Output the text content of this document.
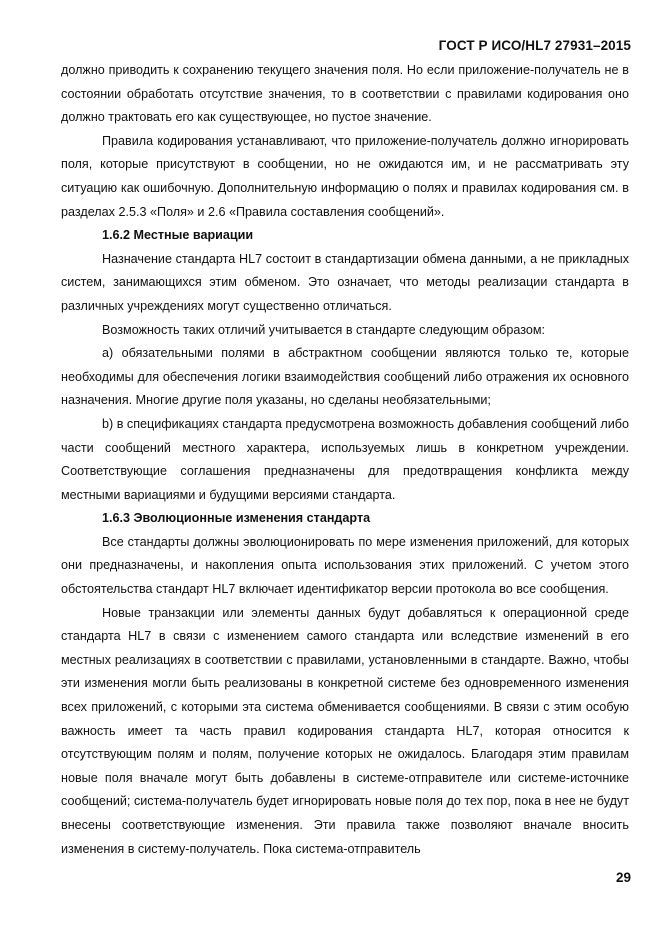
ГОСТ Р ИСО/HL7 27931–2015

должно приводить к сохранению текущего значения поля. Но если приложение-получатель не в состоянии обработать отсутствие значения, то в соответствии с правилами кодирования оно должно трактовать его как существующее, но пустое значение.

Правила кодирования устанавливают, что приложение-получатель должно игнорировать поля, которые присутствуют в сообщении, но не ожидаются им, и не рассматривать эту ситуацию как ошибочную. Дополнительную информацию о полях и правилах кодирования см. в разделах 2.5.3 «Поля» и 2.6 «Правила составления сообщений».

1.6.2 Местные вариации

Назначение стандарта HL7 состоит в стандартизации обмена данными, а не прикладных систем, занимающихся этим обменом. Это означает, что методы реализации стандарта в различных учреждениях могут существенно отличаться.

Возможность таких отличий учитывается в стандарте следующим образом:

a) обязательными полями в абстрактном сообщении являются только те, которые необходимы для обеспечения логики взаимодействия сообщений либо отражения их основного назначения. Многие другие поля указаны, но сделаны необязательными;

b) в спецификациях стандарта предусмотрена возможность добавления сообщений либо части сообщений местного характера, используемых лишь в конкретном учреждении. Соответствующие соглашения предназначены для предотвращения конфликта между местными вариациями и будущими версиями стандарта.

1.6.3 Эволюционные изменения стандарта

Все стандарты должны эволюционировать по мере изменения приложений, для которых они предназначены, и накопления опыта использования этих приложений. С учетом этого обстоятельства стандарт HL7 включает идентификатор версии протокола во все сообщения.

Новые транзакции или элементы данных будут добавляться к операционной среде стандарта HL7 в связи с изменением самого стандарта или вследствие изменений в его местных реализациях в соответствии с правилами, установленными в стандарте. Важно, чтобы эти изменения могли быть реализованы в конкретной системе без одновременного изменения всех приложений, с которыми эта система обменивается сообщениями. В связи с этим особую важность имеет та часть правил кодирования стандарта HL7, которая относится к отсутствующим полям и полям, получение которых не ожидалось. Благодаря этим правилам новые поля вначале могут быть добавлены в системе-отправителе или системе-источнике сообщений; система-получатель будет игнорировать новые поля до тех пор, пока в нее не будут внесены соответствующие изменения. Эти правила также позволяют вначале вносить изменения в систему-получатель. Пока система-отправитель

29
